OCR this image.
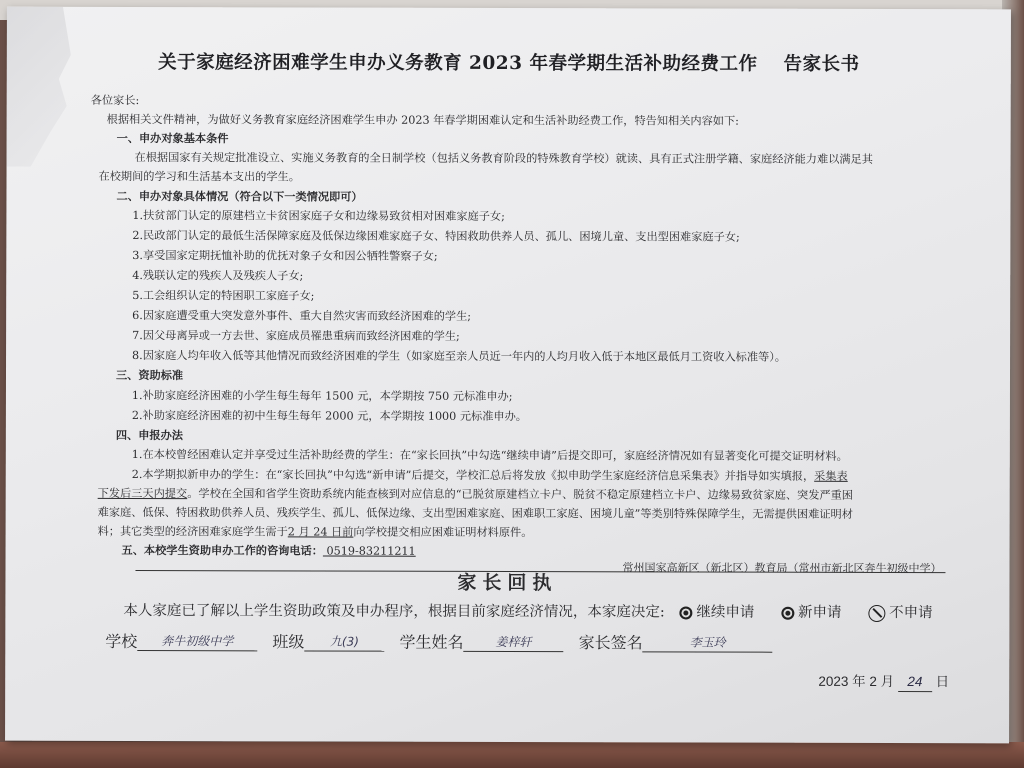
关于家庭经济困难学生申办义务教育 2023 年春学期生活补助经费工作 告家长书
各位家长:
根据相关文件精神，为做好义务教育家庭经济困难学生申办 2023 年春学期困难认定和生活补助经费工作，特告知相关内容如下:
一、申办对象基本条件
在根据国家有关规定批准设立、实施义务教育的全日制学校（包括义务教育阶段的特殊教育学校）就读、具有正式注册学籍、家庭经济能力难以满足其
在校期间的学习和生活基本支出的学生。
二、申办对象具体情况（符合以下一类情况即可）
1.扶贫部门认定的原建档立卡贫困家庭子女和边缘易致贫相对困难家庭子女;
2.民政部门认定的最低生活保障家庭及低保边缘困难家庭子女、特困救助供养人员、孤儿、困境儿童、支出型困难家庭子女;
3.享受国家定期抚恤补助的优抚对象子女和因公牺牲警察子女;
4.残联认定的残疾人及残疾人子女;
5.工会组织认定的特困职工家庭子女;
6.因家庭遭受重大突发意外事件、重大自然灾害而致经济困难的学生;
7.因父母离异或一方去世、家庭成员罹患重病而致经济困难的学生;
8.因家庭人均年收入低等其他情况而致经济困难的学生（如家庭至亲人员近一年内的人均月收入低于本地区最低月工资收入标准等）。
三、资助标准
1.补助家庭经济困难的小学生每生每年 1500 元，本学期按 750 元标准申办;
2.补助家庭经济困难的初中生每生每年 2000 元，本学期按 1000 元标准申办。
四、申报办法
1.在本校曾经困难认定并享受过生活补助经费的学生：在“家长回执”中勾选“继续申请”后提交即可，家庭经济情况如有显著变化可提交证明材料。
2.本学期拟新申办的学生：在“家长回执”中勾选“新申请”后提交，学校汇总后将发放《拟申助学生家庭经济信息采集表》并指导如实填报，采集表
下发后三天内提交。学校在全国和省学生资助系统内能查核到对应信息的“已脱贫原建档立卡户、脱贫不稳定原建档立卡户、边缘易致贫家庭、突发严重困
难家庭、低保、特困救助供养人员、残疾学生、孤儿、低保边缘、支出型困难家庭、困难职工家庭、困境儿童”等类别特殊保障学生，无需提供困难证明材
料；其它类型的经济困难家庭学生需于2 月 24 日前向学校提交相应困难证明材料原件。
五、本校学生资助申办工作的咨询电话： 0519-83211211
常州国家高新区（新北区）教育局（常州市新北区奔牛初级中学）
家长回执
本人家庭已了解以上学生资助政策及申办程序，根据目前家庭经济情况，本家庭决定: 继续申请	新申请	不申请
学校 奔牛初级中学 班级 九(3)	学生姓名	姜梓轩	家长签名	李玉玲
2023 年 2 月 24 日
